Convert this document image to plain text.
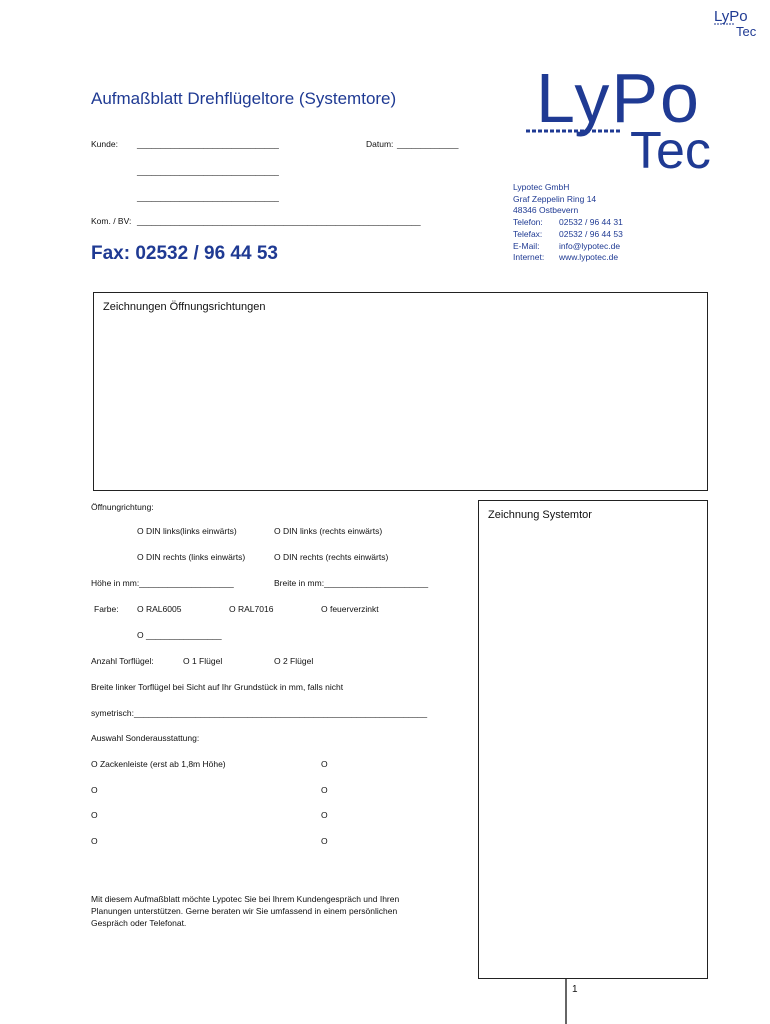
LyPo
Tec
LyPo
Tec
Aufmaßblatt Drehflügeltore (Systemtore)
Kunde: ______________________________	Datum: _____________
______________________________
______________________________
Kom. / BV: ____________________________________________________________
Fax: 02532 / 96 44 53
Lypotec GmbH
Graf Zeppelin Ring 14
48346 Ostbevern
Telefon: 02532 / 96 44 31
Telefax: 02532 / 96 44 53
E-Mail: info@lypotec.de
Internet: www.lypotec.de
Zeichnungen Öffnungsrichtungen
Zeichnung Systemtor
Öffnungrichtung:
O DIN links(links einwärts)	O DIN links (rechts einwärts)
O DIN rechts (links einwärts)	O DIN rechts (rechts einwärts)
Höhe in mm:____________________	Breite in mm:______________________
Farbe: O RAL6005	O RAL7016	O feuerverzinkt
O ________________
Anzahl Torflügel:	O 1 Flügel	O 2 Flügel
Breite linker Torflügel bei Sicht auf Ihr Grundstück in mm, falls nicht
symetrisch:______________________________________________________________
Auswahl Sonderausstattung:
O Zackenleiste (erst ab 1,8m Höhe)	O
O	O
O	O
O	O
Mit diesem Aufmaßblatt möchte Lypotec Sie bei Ihrem Kundengespräch und Ihren
Planungen unterstützen. Gerne beraten wir Sie umfassend in einem persönlichen
Gespräch oder Telefonat.
1
